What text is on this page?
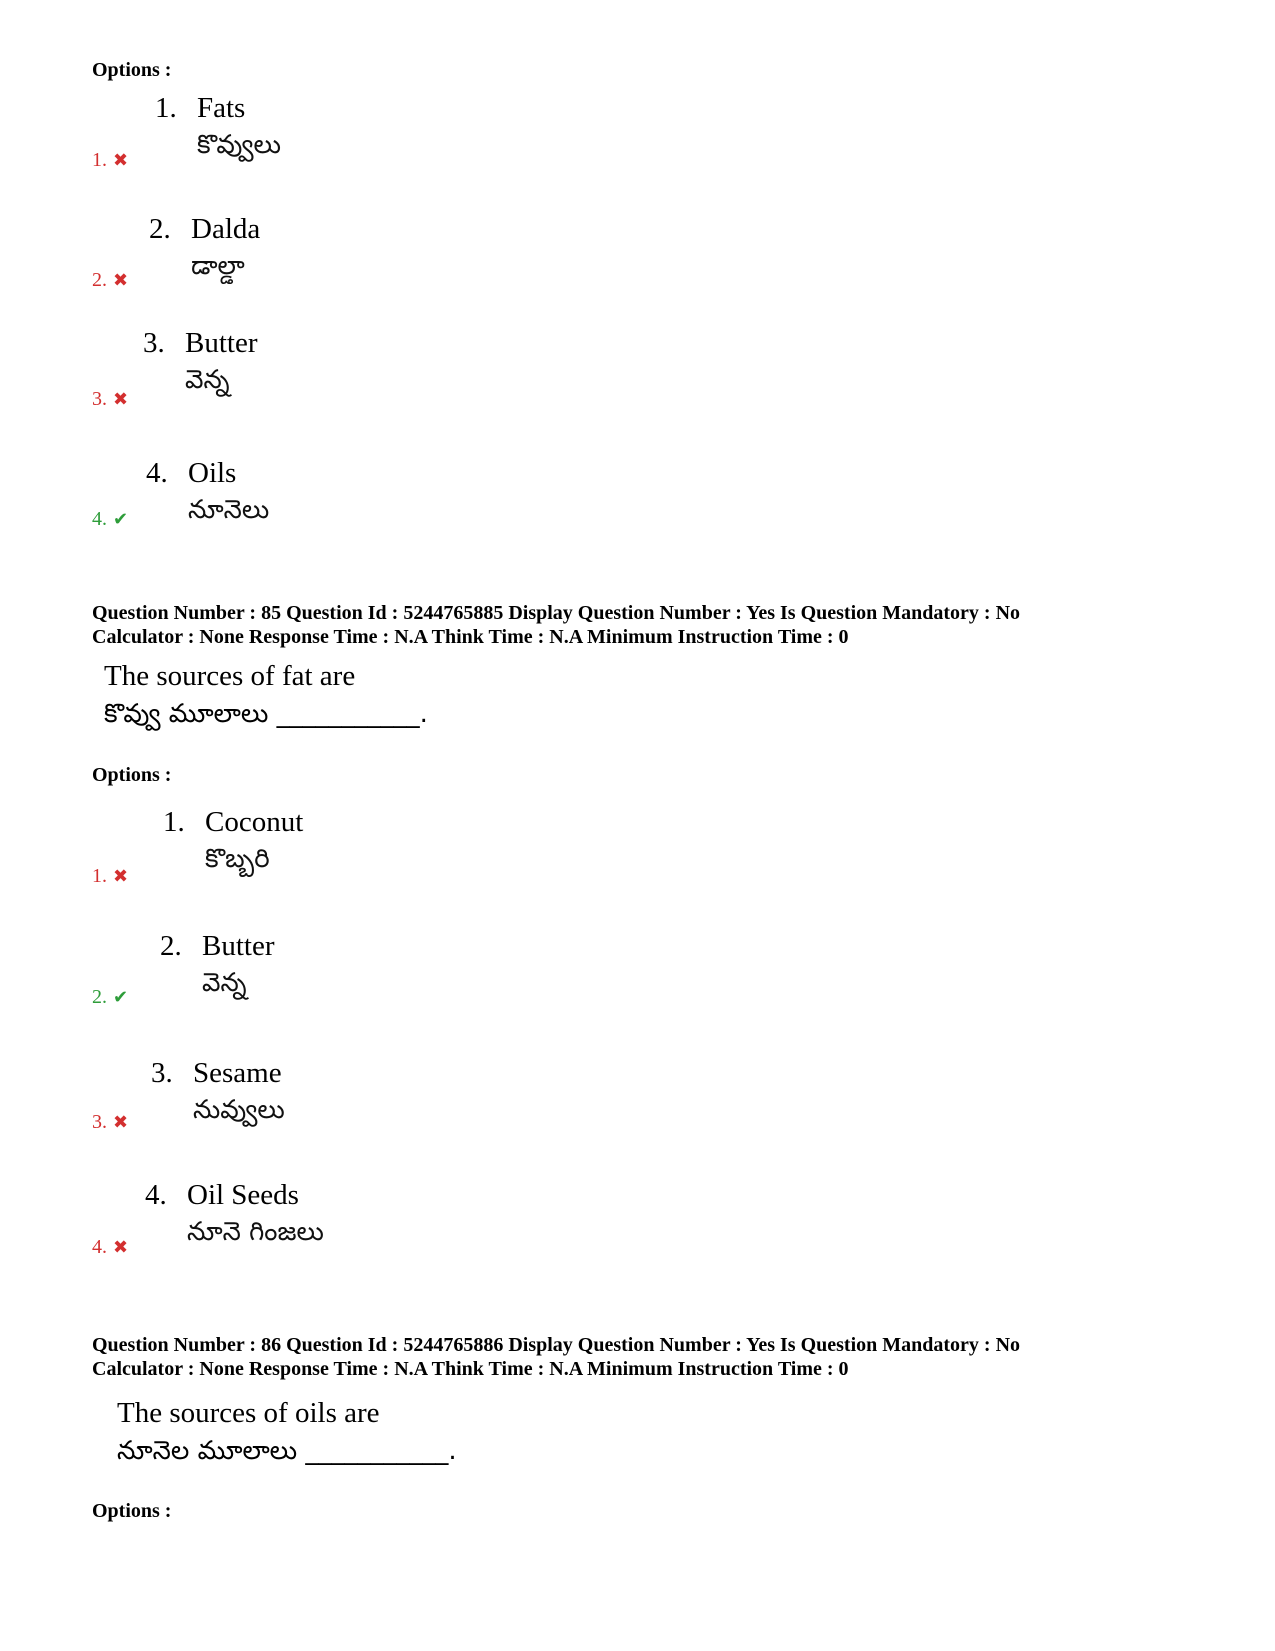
Options :
1. Fats
కొవ్వులు
1. ✖
2. Dalda
డాల్డా
2. ✖
3. Butter
వెన్న
3. ✖
4. Oils
నూనెలు
4. ✔
Question Number : 85 Question Id : 5244765885 Display Question Number : Yes Is Question Mandatory : No
Calculator : None Response Time : N.A Think Time : N.A Minimum Instruction Time : 0
The sources of fat are
కొవ్వు మూలాలు ___________.
Options :
1. Coconut
కొబ్బరి
1. ✖
2. Butter
వెన్న
2. ✔
3. Sesame
నువ్వులు
3. ✖
4. Oil Seeds
నూనె గింజలు
4. ✖
Question Number : 86 Question Id : 5244765886 Display Question Number : Yes Is Question Mandatory : No
Calculator : None Response Time : N.A Think Time : N.A Minimum Instruction Time : 0
The sources of oils are
నూనెల మూలాలు ___________.
Options :
